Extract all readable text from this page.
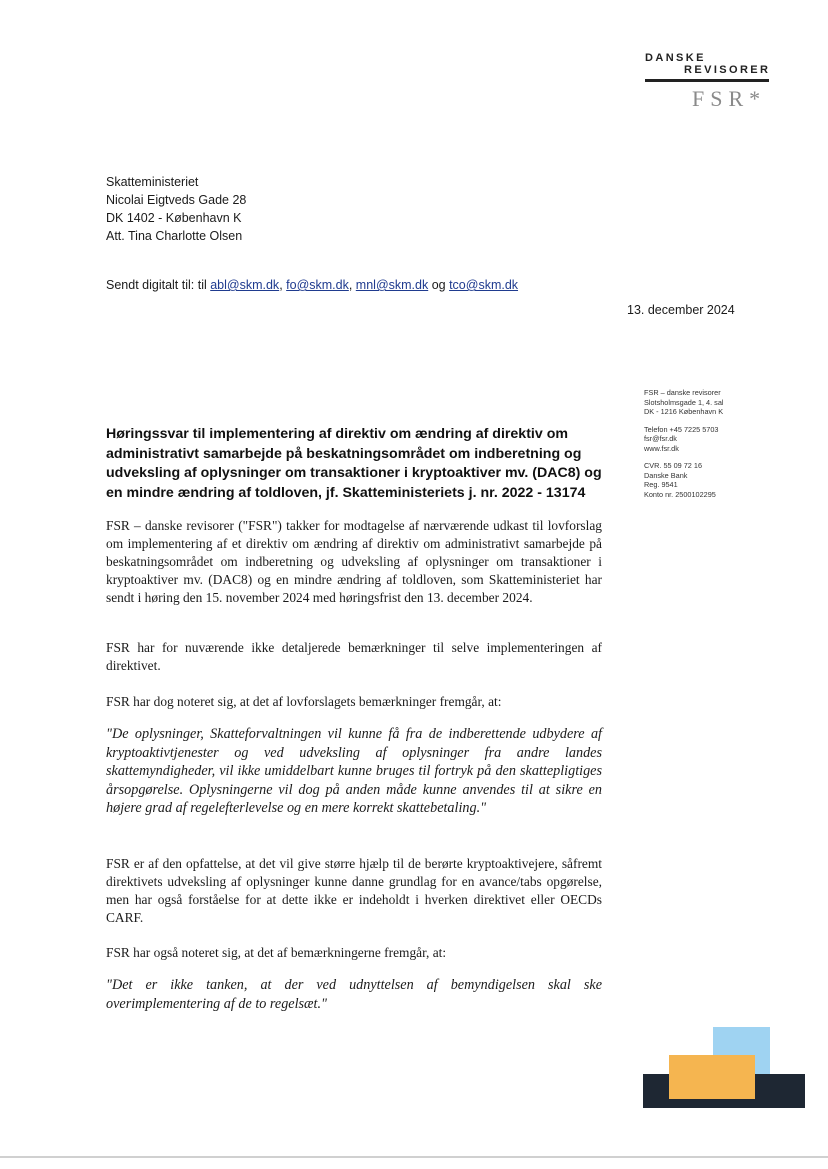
DANSKE
REVISORER
FSR*
Skatteministeriet
Nicolai Eigtveds Gade 28
DK 1402 - København K
Att. Tina Charlotte Olsen
Sendt digitalt til: til abl@skm.dk, fo@skm.dk, mnl@skm.dk og tco@skm.dk
13. december 2024
FSR – danske revisorer
Slotsholmsgade 1, 4. sal
DK - 1216 København K
Telefon +45 7225 5703
fsr@fsr.dk
www.fsr.dk
CVR. 55 09 72 16
Danske Bank
Reg. 9541
Konto nr. 2500102295
Høringssvar til implementering af direktiv om ændring af direktiv om
administrativt samarbejde på beskatningsområdet om indberetning og
udveksling af oplysninger om transaktioner i kryptoaktiver mv. (DAC8) og
en mindre ændring af toldloven, jf. Skatteministeriets j. nr. 2022 - 13174
FSR – danske revisorer ("FSR") takker for modtagelse af nærværende udkast til lovforslag om implementering af et direktiv om ændring af direktiv om administrativt samarbejde på beskatningsområdet om indberetning og udveksling af oplysninger om transaktioner i kryptoaktiver mv. (DAC8) og en mindre ændring af toldloven, som Skatteministeriet har sendt i høring den 15. november 2024 med høringsfrist den 13. december 2024.
FSR har for nuværende ikke detaljerede bemærkninger til selve implementeringen af direktivet.
FSR har dog noteret sig, at det af lovforslagets bemærkninger fremgår, at:
"De oplysninger, Skatteforvaltningen vil kunne få fra de indberettende udbydere af kryptoaktivtjenester og ved udveksling af oplysninger fra andre landes skattemyndigheder, vil ikke umiddelbart kunne bruges til fortryk på den skattepligtiges årsopgørelse. Oplysningerne vil dog på anden måde kunne anvendes til at sikre en højere grad af regelefterlevelse og en mere korrekt skattebetaling."
FSR er af den opfattelse, at det vil give større hjælp til de berørte kryptoaktivejere, såfremt direktivets udveksling af oplysninger kunne danne grundlag for en avance/tabs opgørelse, men har også forståelse for at dette ikke er indeholdt i hverken direktivet eller OECDs CARF.
FSR har også noteret sig, at det af bemærkningerne fremgår, at:
"Det er ikke tanken, at der ved udnyttelsen af bemyndigelsen skal ske overimplementering af de to regelsæt."
